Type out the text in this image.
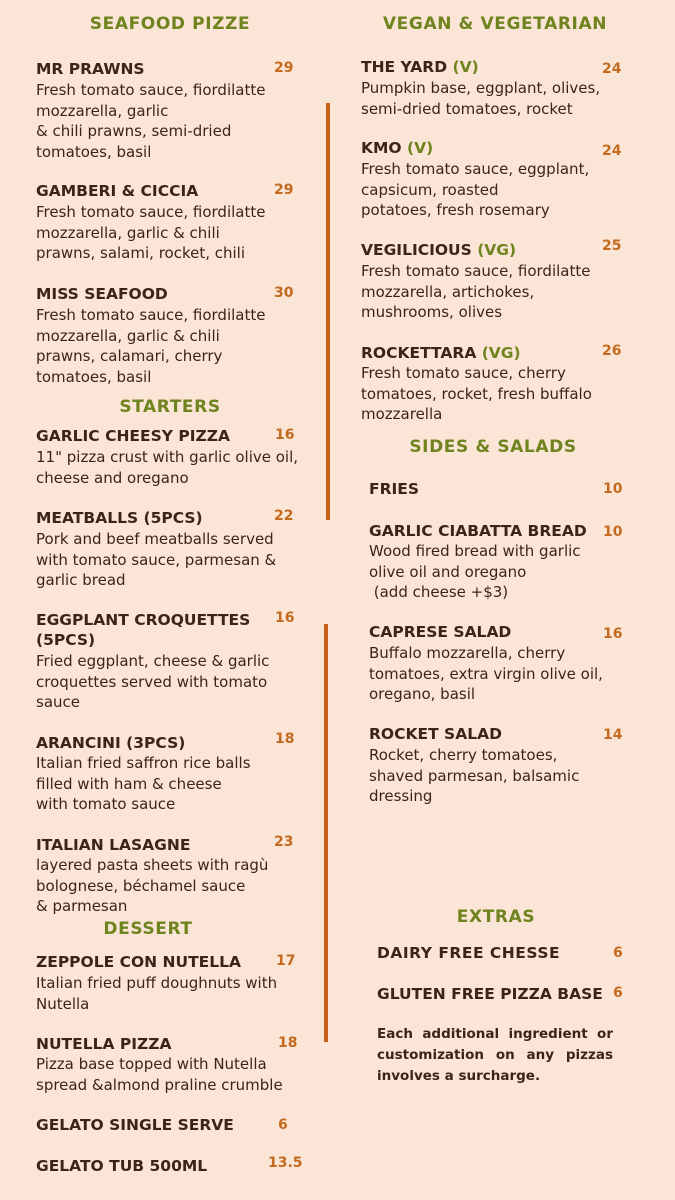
SEAFOOD PIZZE	VEGAN & VEGETARIAN
STARTERS
SIDES & SALADS
DESSERT
EXTRAS
MR PRAWNS	29
Fresh tomato sauce, fiordilatte
mozzarella, garlic
& chili prawns, semi-dried
tomatoes, basil
GAMBERI & CICCIA	29
Fresh tomato sauce, fiordilatte
mozzarella, garlic & chili
prawns, salami, rocket, chili
MISS SEAFOOD	30
Fresh tomato sauce, fiordilatte
mozzarella, garlic & chili
prawns, calamari, cherry
tomatoes, basil
GARLIC CHEESY PIZZA	16
11" pizza crust with garlic olive oil,
cheese and oregano
MEATBALLS (5PCS)	22
Pork and beef meatballs served
with tomato sauce, parmesan &
garlic bread
EGGPLANT CROQUETTES
(5PCS)
16
Fried eggplant, cheese & garlic
croquettes served with tomato
sauce
ARANCINI (3PCS)	18
Italian fried saffron rice balls
filled with ham & cheese
with tomato sauce
ITALIAN LASAGNE	23
layered pasta sheets with ragù
bolognese, béchamel sauce
& parmesan
ZEPPOLE CON NUTELLA	17
Italian fried puff doughnuts with
Nutella
NUTELLA PIZZA	18
Pizza base topped with Nutella
spread &almond praline crumble
GELATO SINGLE SERVE	6
GELATO TUB 500ML	13.5
THE YARD (V)	24
Pumpkin base, eggplant, olives,
semi-dried tomatoes, rocket
KMO (V)	24
Fresh tomato sauce, eggplant,
capsicum, roasted
potatoes, fresh rosemary
VEGILICIOUS (VG)	25
Fresh tomato sauce, fiordilatte
mozzarella, artichokes,
mushrooms, olives
ROCKETTARA (VG)	26
Fresh tomato sauce, cherry
tomatoes, rocket, fresh buffalo
mozzarella
FRIES	10
GARLIC CIABATTA BREAD 10
Wood fired bread with garlic
olive oil and oregano
(add cheese +$3)
CAPRESE SALAD	16
Buffalo mozzarella, cherry
tomatoes, extra virgin olive oil,
oregano, basil
ROCKET SALAD	14
Rocket, cherry tomatoes,
shaved parmesan, balsamic
dressing
DAIRY FREE CHESSE	6
GLUTEN FREE PIZZA BASE 6
Each additional ingredient or customization on any pizzas involves a surcharge.
